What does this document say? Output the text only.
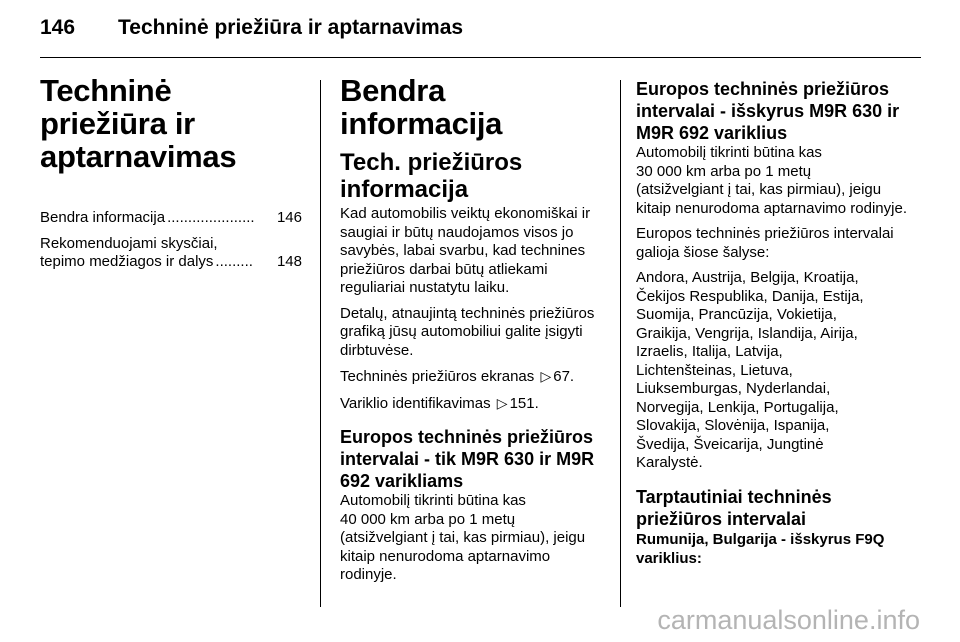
146	Techninė priežiūra ir aptarnavimas
Techninė priežiūra ir aptarnavimas
Bendra informacija .....................	146
Rekomenduojami skysčiai,
tepimo medžiagos ir dalys .........	148
Bendra informacija
Tech. priežiūros informacija

Kad automobilis veiktų ekonomiškai ir saugiai ir būtų naudojamos visos jo savybės, labai svarbu, kad technines priežiūros darbai būtų atliekami reguliariai nustatytu laiku.

Detalų, atnaujintą techninės priežiūros grafiką jūsų automobiliui galite įsigyti dirbtuvėse.

Techninės priežiūros ekranas ▷ 67.

Variklio identifikavimas ▷ 151.

Europos techninės priežiūros intervalai - tik M9R 630 ir M9R 692 varikliams
Automobilį tikrinti būtina kas
40 000 km arba po 1 metų
(atsižvelgiant į tai, kas pirmiau), jeigu kitaip nenurodoma aptarnavimo rodinyje.
Europos techninės priežiūros intervalai - išskyrus M9R 630 ir M9R 692 variklius
Automobilį tikrinti būtina kas
30 000 km arba po 1 metų
(atsižvelgiant į tai, kas pirmiau), jeigu kitaip nenurodoma aptarnavimo rodinyje.

Europos techninės priežiūros intervalai galioja šiose šalyse:

Andora, Austrija, Belgija, Kroatija,
Čekijos Respublika, Danija, Estija,
Suomija, Prancūzija, Vokietija,
Graikija, Vengrija, Islandija, Airija,
Izraelis, Italija, Latvija,
Lichtenšteinas, Lietuva,
Liuksemburgas, Nyderlandai,
Norvegija, Lenkija, Portugalija,
Slovakija, Slovėnija, Ispanija,
Švedija, Šveicarija, Jungtinė
Karalystė.
Tarptautiniai techninės priežiūros intervalai
Rumunija, Bulgarija - išskyrus F9Q variklius:
carmanualsonline.info
